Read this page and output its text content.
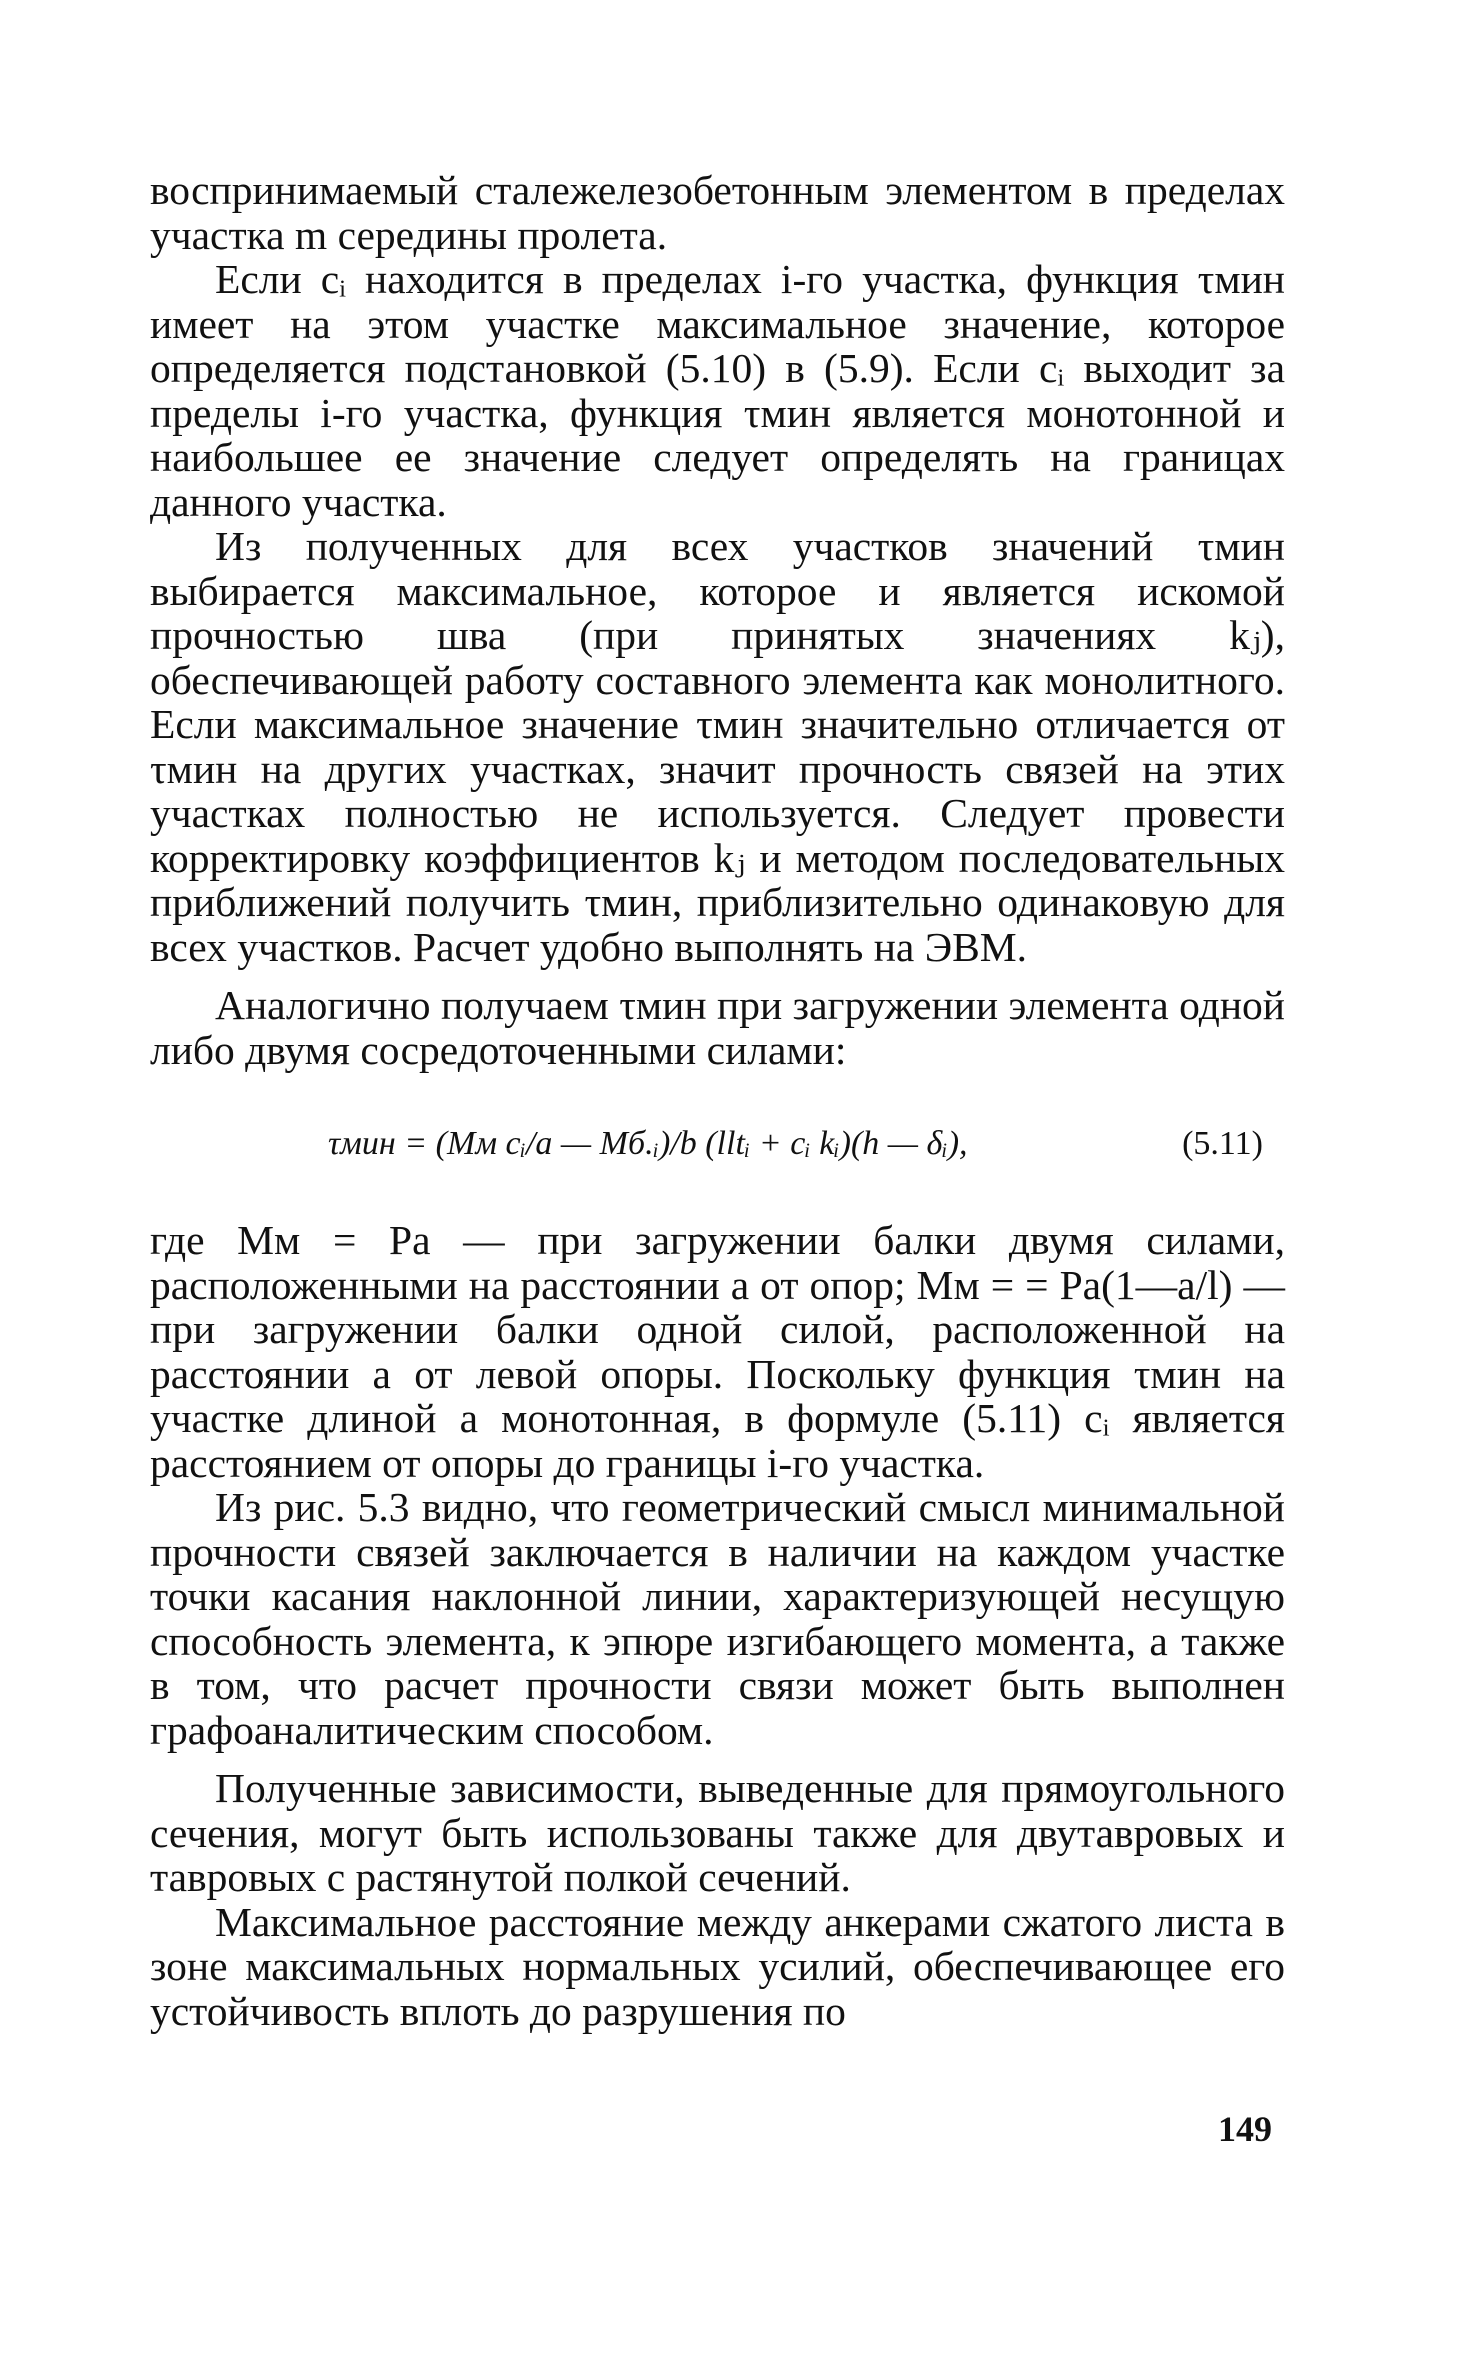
воспринимаемый сталежелезобетонным элементом в пределах участка m середины пролета.

Если cᵢ находится в пределах i-го участка, функция τмин имеет на этом участке максимальное значение, которое определяется подстановкой (5.10) в (5.9). Если cᵢ выходит за пределы i-го участка, функция τмин является монотонной и наибольшее ее значение следует определять на границах данного участка.

Из полученных для всех участков значений τмин выбирается максимальное, которое и является искомой прочностью шва (при принятых значениях kⱼ), обеспечивающей работу составного элемента как монолитного. Если максимальное значение τмин значительно отличается от τмин на других участках, значит прочность связей на этих участках полностью не используется. Следует провести корректировку коэффициентов kⱼ и методом последовательных приближений получить τмин, приблизительно одинаковую для всех участков. Расчет удобно выполнять на ЭВМ.

Аналогично получаем τмин при загружении элемента одной либо двумя сосредоточенными силами:

τмин = (Mм cᵢ/a — Mб.ᵢ)/b (lltᵢ + cᵢ kᵢ)(h — δᵢ),	(5.11)

где Mм = Pa — при загружении балки двумя силами, расположенными на расстоянии a от опор; Mм = = Pa(1—a/l) — при загружении балки одной силой, расположенной на расстоянии a от левой опоры. Поскольку функция τмин на участке длиной a монотонная, в формуле (5.11) cᵢ является расстоянием от опоры до границы i-го участка.

Из рис. 5.3 видно, что геометрический смысл минимальной прочности связей заключается в наличии на каждом участке точки касания наклонной линии, характеризующей несущую способность элемента, к эпюре изгибающего момента, а также в том, что расчет прочности связи может быть выполнен графоаналитическим способом.

Полученные зависимости, выведенные для прямоугольного сечения, могут быть использованы также для двутавровых и тавровых с растянутой полкой сечений.

Максимальное расстояние между анкерами сжатого листа в зоне максимальных нормальных усилий, обеспечивающее его устойчивость вплоть до разрушения по

149
